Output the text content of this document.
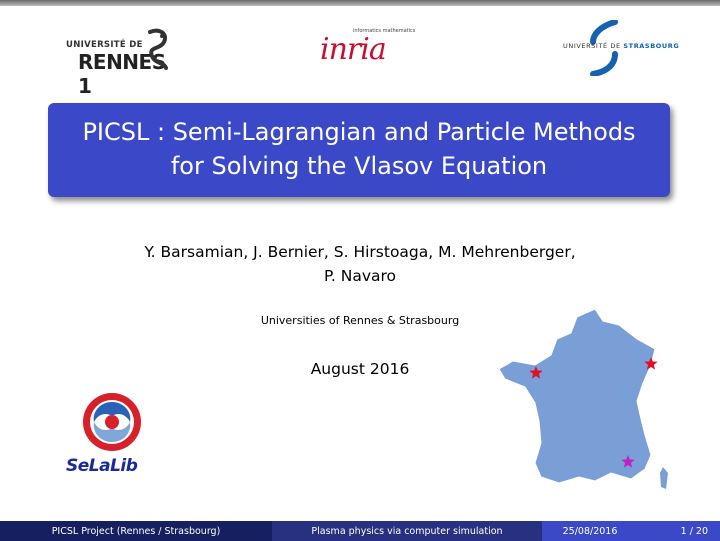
UNIVERSITÉ DE
RENNES 1
informatics mathematics
inria	UNIVERSITÉ DE STRASBOURG
PICSL : Semi-Lagrangian and Particle Methods
for Solving the Vlasov Equation
Y. Barsamian, J. Bernier, S. Hirstoaga, M. Mehrenberger,
P. Navaro
Universities of Rennes & Strasbourg
August 2016
SeLaLib
PICSL Project (Rennes / Strasbourg)	Plasma physics via computer simulation	25/08/2016	1 / 20
